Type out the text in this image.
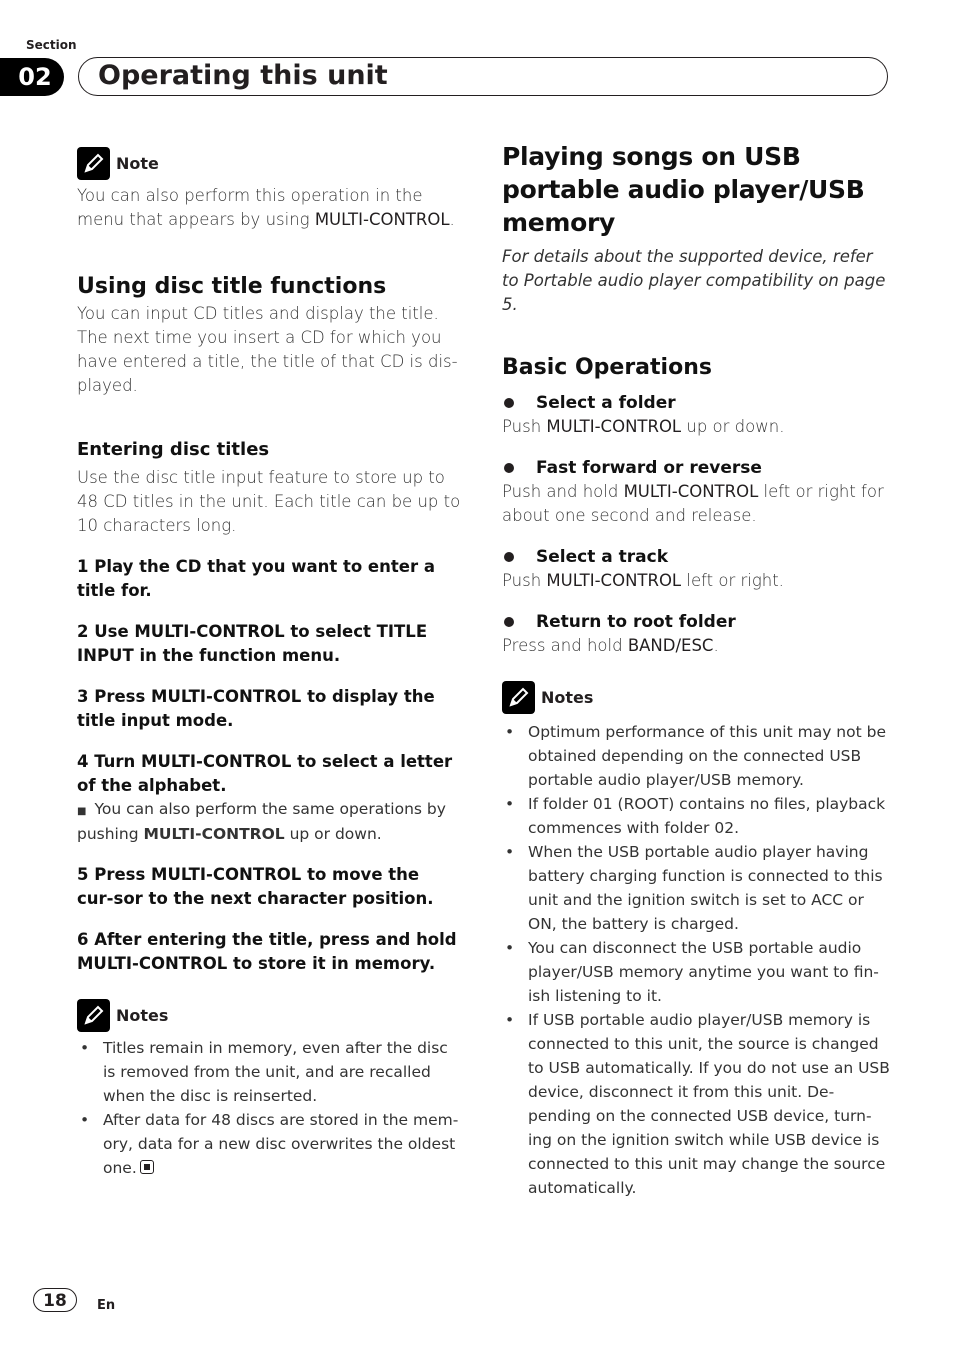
Section
02	Operating this unit
Note
You can also perform this operation in the menu that appears by using MULTI-CONTROL.
Using disc title functions
You can input CD titles and display the title. The next time you insert a CD for which you have entered a title, the title of that CD is dis-played.
Entering disc titles
Use the disc title input feature to store up to 48 CD titles in the unit. Each title can be up to 10 characters long.
1 Play the CD that you want to enter a title for.
2 Use MULTI-CONTROL to select TITLE INPUT in the function menu.
3 Press MULTI-CONTROL to display the title input mode.
4 Turn MULTI-CONTROL to select a letter of the alphabet.
■ You can also perform the same operations by pushing MULTI-CONTROL up or down.
5 Press MULTI-CONTROL to move the cur-sor to the next character position.
6 After entering the title, press and hold MULTI-CONTROL to store it in memory.
Notes
• Titles remain in memory, even after the disc is removed from the unit, and are recalled when the disc is reinserted.
• After data for 48 discs are stored in the mem-ory, data for a new disc overwrites the oldest one.
Playing songs on USB portable audio player/USB memory
For details about the supported device, refer to Portable audio player compatibility on page 5.
Basic Operations
Select a folder
Push MULTI-CONTROL up or down.
Fast forward or reverse
Push and hold MULTI-CONTROL left or right for about one second and release.
Select a track
Push MULTI-CONTROL left or right.
Return to root folder
Press and hold BAND/ESC.
Notes
• Optimum performance of this unit may not be obtained depending on the connected USB portable audio player/USB memory.
• If folder 01 (ROOT) contains no files, playback commences with folder 02.
• When the USB portable audio player having battery charging function is connected to this unit and the ignition switch is set to ACC or ON, the battery is charged.
• You can disconnect the USB portable audio player/USB memory anytime you want to fin-ish listening to it.
• If USB portable audio player/USB memory is connected to this unit, the source is changed to USB automatically. If you do not use an USB device, disconnect it from this unit. De-pending on the connected USB device, turn-ing on the ignition switch while USB device is connected to this unit may change the source automatically.
18	En
